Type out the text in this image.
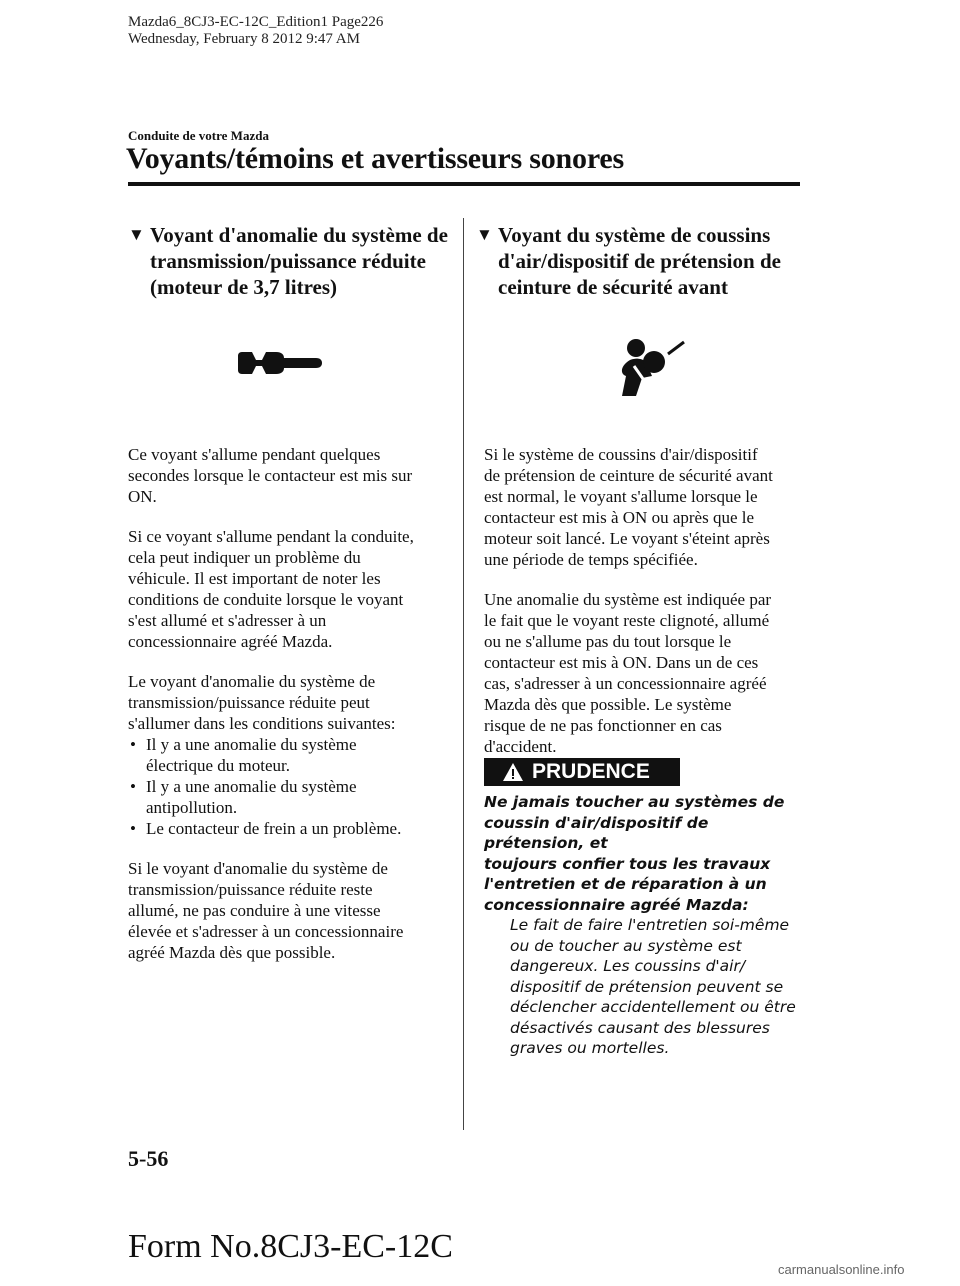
Mazda6_8CJ3-EC-12C_Edition1 Page226
Wednesday, February 8 2012 9:47 AM
Conduite de votre Mazda
Voyants/témoins et avertisseurs sonores
▼ Voyant d'anomalie du système de
transmission/puissance réduite
(moteur de 3,7 litres)

Ce voyant s'allume pendant quelques
secondes lorsque le contacteur est mis sur
ON.

Si ce voyant s'allume pendant la conduite,
cela peut indiquer un problème du
véhicule. Il est important de noter les
conditions de conduite lorsque le voyant
s'est allumé et s'adresser à un
concessionnaire agréé Mazda.

Le voyant d'anomalie du système de
transmission/puissance réduite peut
s'allumer dans les conditions suivantes:

• Il y a une anomalie du système
électrique du moteur.
• Il y a une anomalie du système
antipollution.
• Le contacteur de frein a un problème.

Si le voyant d'anomalie du système de
transmission/puissance réduite reste
allumé, ne pas conduire à une vitesse
élevée et s'adresser à un concessionnaire
agréé Mazda dès que possible.

▼ Voyant du système de coussins
d'air/dispositif de prétension de
ceinture de sécurité avant

Si le système de coussins d'air/dispositif
de prétension de ceinture de sécurité avant
est normal, le voyant s'allume lorsque le
contacteur est mis à ON ou après que le
moteur soit lancé. Le voyant s'éteint après
une période de temps spécifiée.

Une anomalie du système est indiquée par
le fait que le voyant reste clignoté, allumé
ou ne s'allume pas du tout lorsque le
contacteur est mis à ON. Dans un de ces
cas, s'adresser à un concessionnaire agréé
Mazda dès que possible. Le système
risque de ne pas fonctionner en cas
d'accident.

PRUDENCE
Ne jamais toucher au systèmes de
coussin d'air/dispositif de prétension, et
toujours confier tous les travaux
l'entretien et de réparation à un
concessionnaire agréé Mazda:
Le fait de faire l'entretien soi-même
ou de toucher au système est
dangereux. Les coussins d'air/
dispositif de prétension peuvent se
déclencher accidentellement ou être
désactivés causant des blessures
graves ou mortelles.
5-56
Form No.8CJ3-EC-12C
carmanualsonline.info
